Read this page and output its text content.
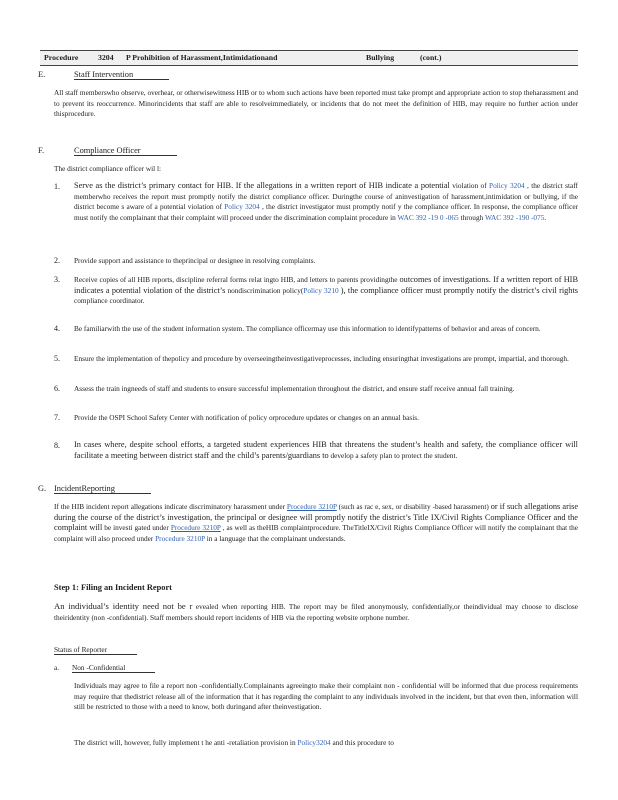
Procedure	3204 P Prohibition of Harassment,Intimidationand	Bullying	(cont.)
E.	Staff Intervention
All staff memberswho observe, overhear, or otherwisewitness HIB or to whom such actions have been reported must take prompt and appropriate action to stop theharassment and to prevent its reoccurrence. Minorincidents that staff are able to resolveimmediately, or incidents that do not meet the definition of HIB, may require no further action under thisprocedure.
F.	Compliance Officer
The district compliance officer wil l:
1. Serve as the district’s primary contact for HIB. If the allegations in a written report of HIB indicate a potential violation of Policy 3204 , the district staff memberwho receives the report must promptly notify the district compliance officer. Duringthe course of aninvestigation of harassment,intimidation or bullying, if the district become s aware of a potential violation of Policy 3204 , the district investigator must promptly notif y the compliance officer. In response, the compliance officer must notify the complainant that their complaint will proceed under the discrimination complaint procedure in WAC 392 -19 0 -065 through WAC 392 -190 -075.
2. Provide support and assistance to theprincipal or designee in resolving complaints.
3. Receive copies of all HIB reports, discipline referral forms relat ingto HIB, and letters to parents providingthe outcomes of investigations. If a written report of HIB indicates a potential violation of the district’s nondiscrimination policy(Policy 3210 ), the compliance officer must promptly notify the district’s civil rights compliance coordinator.
4. Be familiarwith the use of the student information system. The compliance officermay use this information to identifypatterns of behavior and areas of concern.
5. Ensure the implementation of thepolicy and procedure by overseeingtheinvestigativeprocesses, including ensuringthat investigations are prompt, impartial, and thorough.
6. Assess the train ingneeds of staff and students to ensure successful implementation throughout the district, and ensure staff receive annual fall training.
7. Provide the OSPI School Safety Center with notification of policy orprocedure updates or changes on an annual basis.
8. In cases where, despite school efforts, a targeted student experiences HIB that threatens the student’s health and safety, the compliance officer will facilitate a meeting between district staff and the child’s parents/guardians to develop a safety plan to protect the student.
G. IncidentReporting
If the HIB incident report allegations indicate discriminatory harassment under Procedure 3210P (such as rac e, sex, or disability -based harassment) or if such allegations arise during the course of the district’s investigation, the principal or designee will promptly notify the district’s Title IX/Civil Rights Compliance Officer and the complaint will be investi gated under Procedure 3210P , as well as theHIB complaintprocedure. TheTitleIX/Civil Rights Compliance Officer will notify the complainant that the complaint will also proceed under Procedure 3210P in a language that the complainant understands.
Step 1: Filing an Incident Report
An individual’s identity need not be r evealed when reporting HIB. The report may be filed anonymously, confidentially,or theindividual may choose to disclose theiridentity (non -confidential). Staff members should report incidents of HIB via the reporting website orphone number.
Status of Reporter
a. Non -Confidential
Individuals may agree to file a report non -confidentially.Complainants agreeingto make their complaint non - confidential will be informed that due process requirements may require that thedistrict release all of the information that it has regarding the complaint to any individuals involved in the incident, but that even then, information will still be restricted to those with a need to know, both duringand after theinvestigation.
The district will, however, fully implement t he anti -retaliation provision in Policy3204 and this procedure to
